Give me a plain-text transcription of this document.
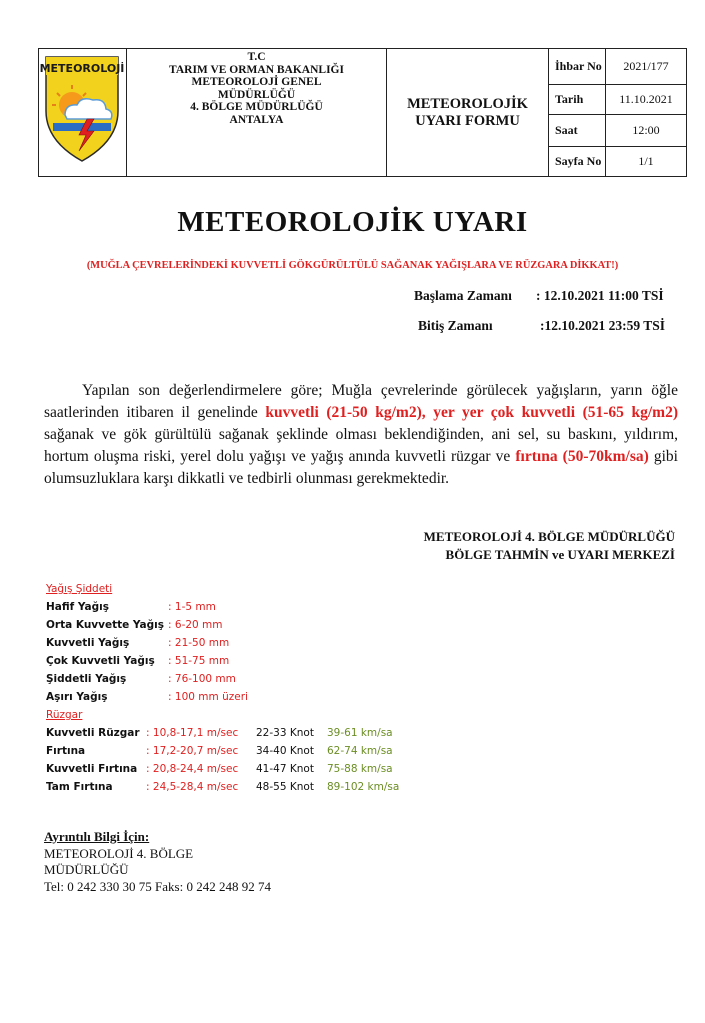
METEOROLOJİ
T.C
TARIM VE ORMAN BAKANLIĞI
METEOROLOJİ GENEL
MÜDÜRLÜĞÜ
4. BÖLGE MÜDÜRLÜĞÜ
ANTALYA
METEOROLOJİK
UYARI FORMU
İhbar No	2021/177
Tarih	11.10.2021
Saat	12:00
Sayfa No	1/1
METEOROLOJİK UYARI
(MUĞLA ÇEVRELERİNDEKİ KUVVETLİ GÖKGÜRÜLTÜLÜ SAĞANAK YAĞIŞLARA VE RÜZGARA DİKKAT!)
Başlama Zamanı : 12.10.2021 11:00 TSİ
Bitiş Zamanı	:12.10.2021 23:59 TSİ
Yapılan son değerlendirmelere göre; Muğla çevrelerinde görülecek yağışların, yarın öğle saatlerinden itibaren il genelinde kuvvetli (21-50 kg/m2), yer yer çok kuvvetli (51-65 kg/m2) sağanak ve gök gürültülü sağanak şeklinde olması beklendiğinden, ani sel, su baskını, yıldırım, hortum oluşma riski, yerel dolu yağışı ve yağış anında kuvvetli rüzgar ve fırtına (50-70km/sa) gibi olumsuzluklara karşı dikkatli ve tedbirli olunması gerekmektedir.
METEOROLOJİ 4. BÖLGE MÜDÜRLÜĞÜ
BÖLGE TAHMİN ve UYARI MERKEZİ
Yağış Şiddeti
Hafif Yağış	: 1-5 mm
Orta Kuvvette Yağış : 6-20 mm
Kuvvetli Yağış	: 21-50 mm
Çok Kuvvetli Yağış : 51-75 mm
Şiddetli Yağış	: 76-100 mm
Aşırı Yağış	: 100 mm üzeri
Rüzgar
Kuvvetli Rüzgar : 10,8-17,1 m/sec 22-33 Knot 39-61 km/sa
Fırtına	: 17,2-20,7 m/sec 34-40 Knot 62-74 km/sa
Kuvvetli Fırtına : 20,8-24,4 m/sec 41-47 Knot 75-88 km/sa
Tam Fırtına	: 24,5-28,4 m/sec 48-55 Knot 89-102 km/sa
Ayrıntılı Bilgi İçin:
METEOROLOJİ 4. BÖLGE
MÜDÜRLÜĞÜ
Tel: 0 242 330 30 75 Faks: 0 242 248 92 74
